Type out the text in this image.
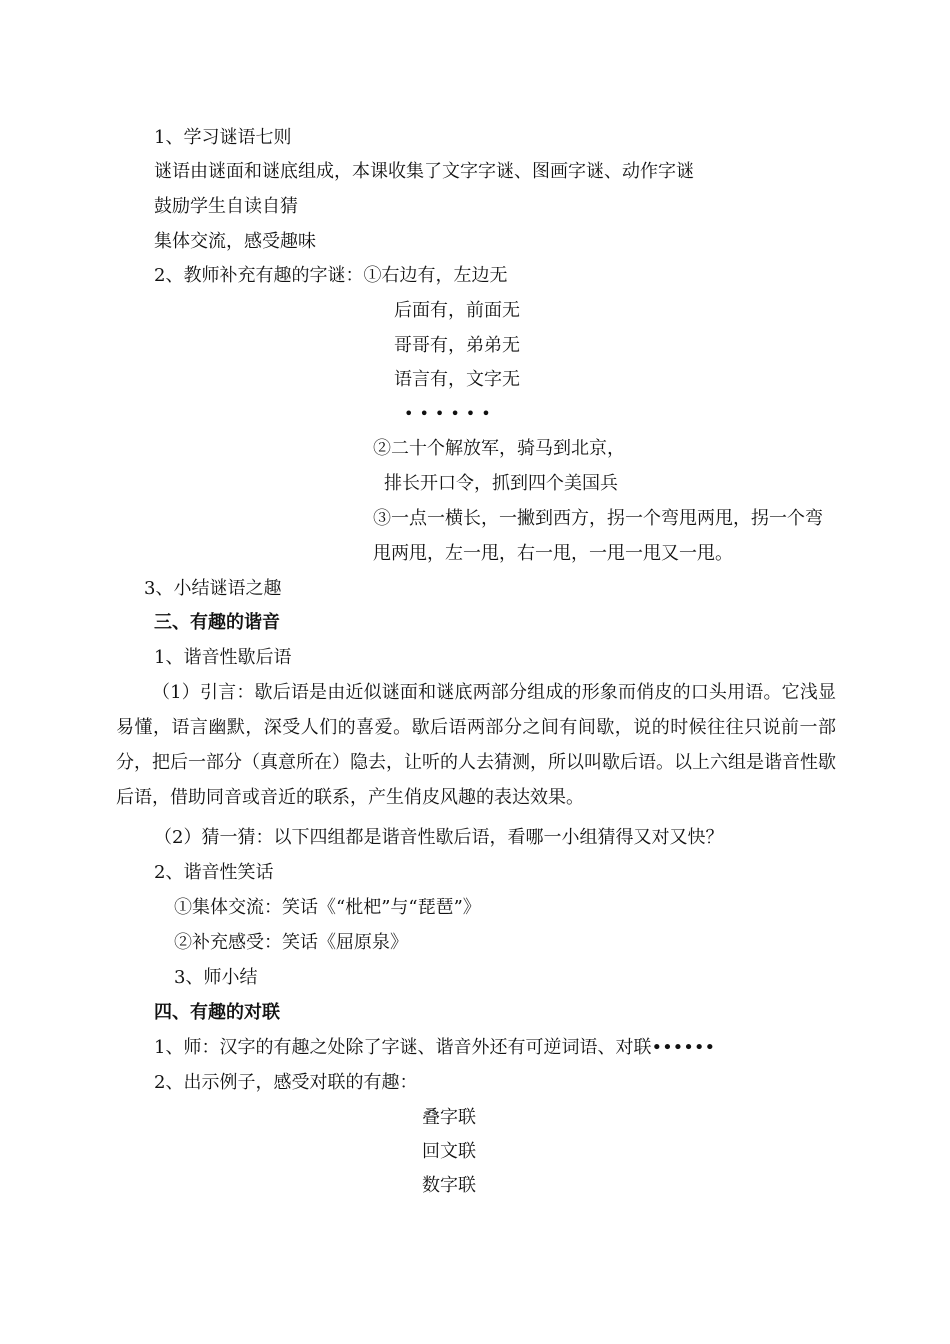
1、学习谜语七则
谜语由谜面和谜底组成，本课收集了文字字谜、图画字谜、动作字谜
鼓励学生自读自猜
集体交流，感受趣味
2、教师补充有趣的字谜：①右边有，左边无
后面有，前面无
哥哥有，弟弟无
语言有，文字无
••••••
②二十个解放军，骑马到北京，
排长开口令，抓到四个美国兵
③一点一横长，一撇到西方，拐一个弯甩两甩，拐一个弯
甩两甩，左一甩，右一甩，一甩一甩又一甩。
3、小结谜语之趣
三、有趣的谐音
1、谐音性歇后语
（1）引言：歇后语是由近似谜面和谜底两部分组成的形象而俏皮的口头用语。它浅显易懂，语言幽默，深受人们的喜爱。歇后语两部分之间有间歇，说的时候往往只说前一部分，把后一部分（真意所在）隐去，让听的人去猜测，所以叫歇后语。以上六组是谐音性歇后语，借助同音或音近的联系，产生俏皮风趣的表达效果。
（2）猜一猜：以下四组都是谐音性歇后语，看哪一小组猜得又对又快？
2、谐音性笑话
①集体交流：笑话《“枇杷”与“琵琶”》
②补充感受：笑话《屈原泉》
3、师小结
四、有趣的对联
1、师：汉字的有趣之处除了字谜、谐音外还有可逆词语、对联••••••
2、出示例子，感受对联的有趣：
叠字联
回文联
数字联
